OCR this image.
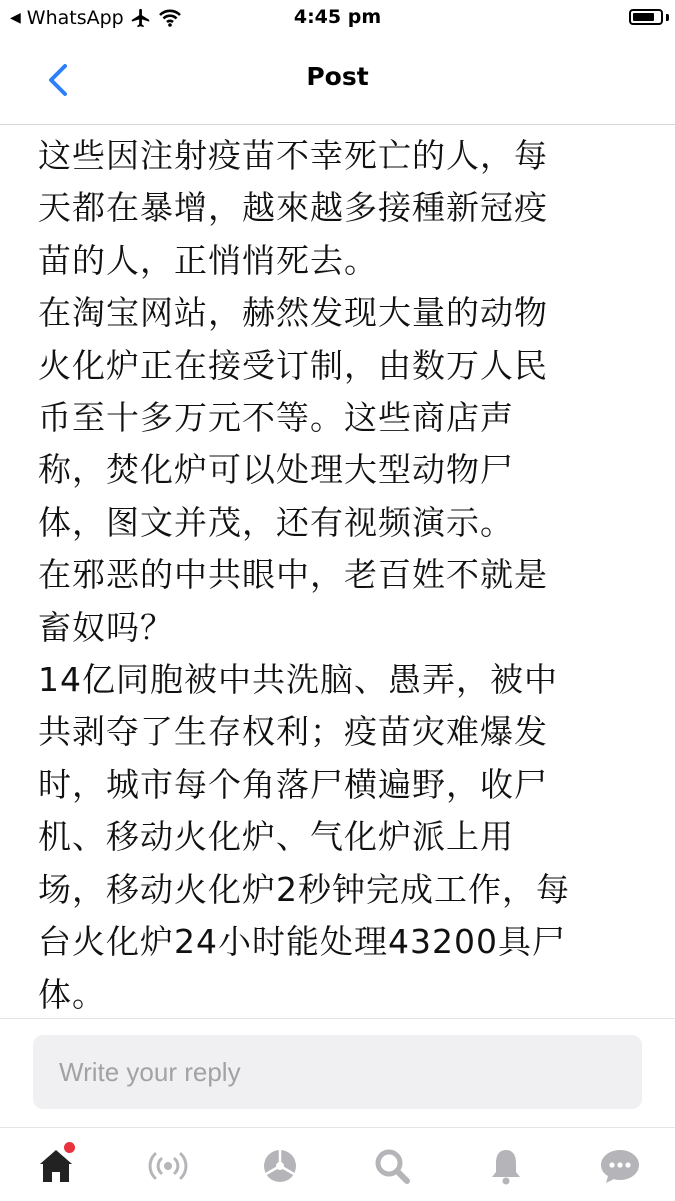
◀ WhatsApp	4:45 pm
Post
这些因注射疫苗不幸死亡的人，每
天都在暴增，越來越多接種新冠疫
苗的人，正悄悄死去。
在淘宝网站，赫然发现大量的动物
火化炉正在接受订制，由数万人民
币至十多万元不等。这些商店声
称，焚化炉可以处理大型动物尸
体，图文并茂，还有视频演示。
在邪恶的中共眼中，老百姓不就是
畜奴吗？
14亿同胞被中共洗脑、愚弄，被中
共剥夺了生存权利；疫苗灾难爆发
时，城市每个角落尸横遍野，收尸
机、移动火化炉、气化炉派上用
场，移动火化炉2秒钟完成工作，每
台火化炉24小时能处理43200具尸
体。
Write your reply
